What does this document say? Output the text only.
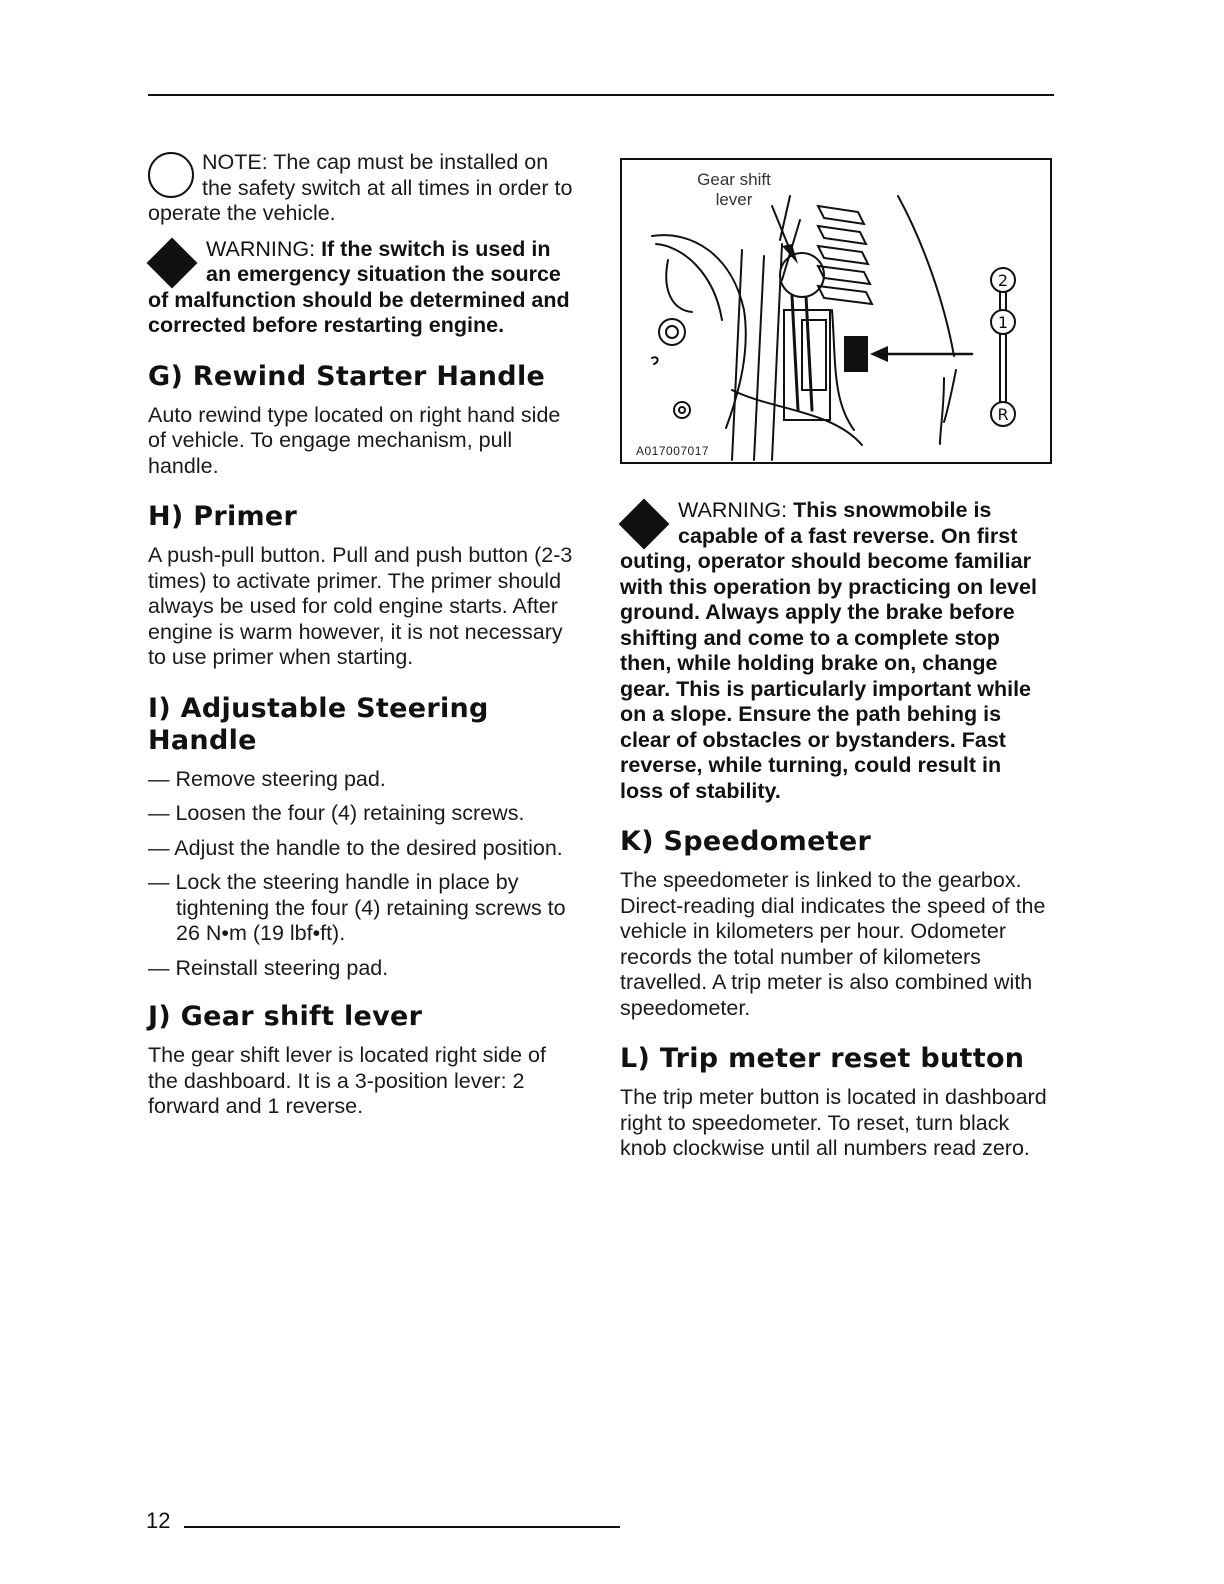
NOTE: The cap must be installed on the safety switch at all times in order to operate the vehicle.
WARNING: If the switch is used in an emergency situation the source of malfunction should be determined and corrected before restarting engine.
G) Rewind Starter Handle

Auto rewind type located on right hand side of vehicle. To engage mechanism, pull handle.

H) Primer

A push-pull button. Pull and push button (2-3 times) to activate primer. The primer should always be used for cold engine starts. After engine is warm however, it is not necessary to use primer when starting.

I) Adjustable Steering Handle
— Remove steering pad.
— Loosen the four (4) retaining screws.
— Adjust the handle to the desired position.
— Lock the steering handle in place by tightening the four (4) retaining screws to 26 N•m (19 lbf•ft).
— Reinstall steering pad.
J) Gear shift lever

The gear shift lever is located right side of the dashboard. It is a 3-position lever: 2 forward and 1 reverse.

2
1
R
Gear shift lever
A017007017
WARNING: This snowmobile is capable of a fast reverse. On first outing, operator should become familiar with this operation by practicing on level ground. Always apply the brake before shifting and come to a complete stop then, while holding brake on, change gear. This is particularly important while on a slope. Ensure the path behing is clear of obstacles or bystanders. Fast reverse, while turning, could result in loss of stability.
K) Speedometer

The speedometer is linked to the gearbox. Direct-reading dial indicates the speed of the vehicle in kilometers per hour. Odometer records the total number of kilometers travelled. A trip meter is also combined with speedometer.

L) Trip meter reset button

The trip meter button is located in dashboard right to speedometer. To reset, turn black knob clockwise until all numbers read zero.

12
